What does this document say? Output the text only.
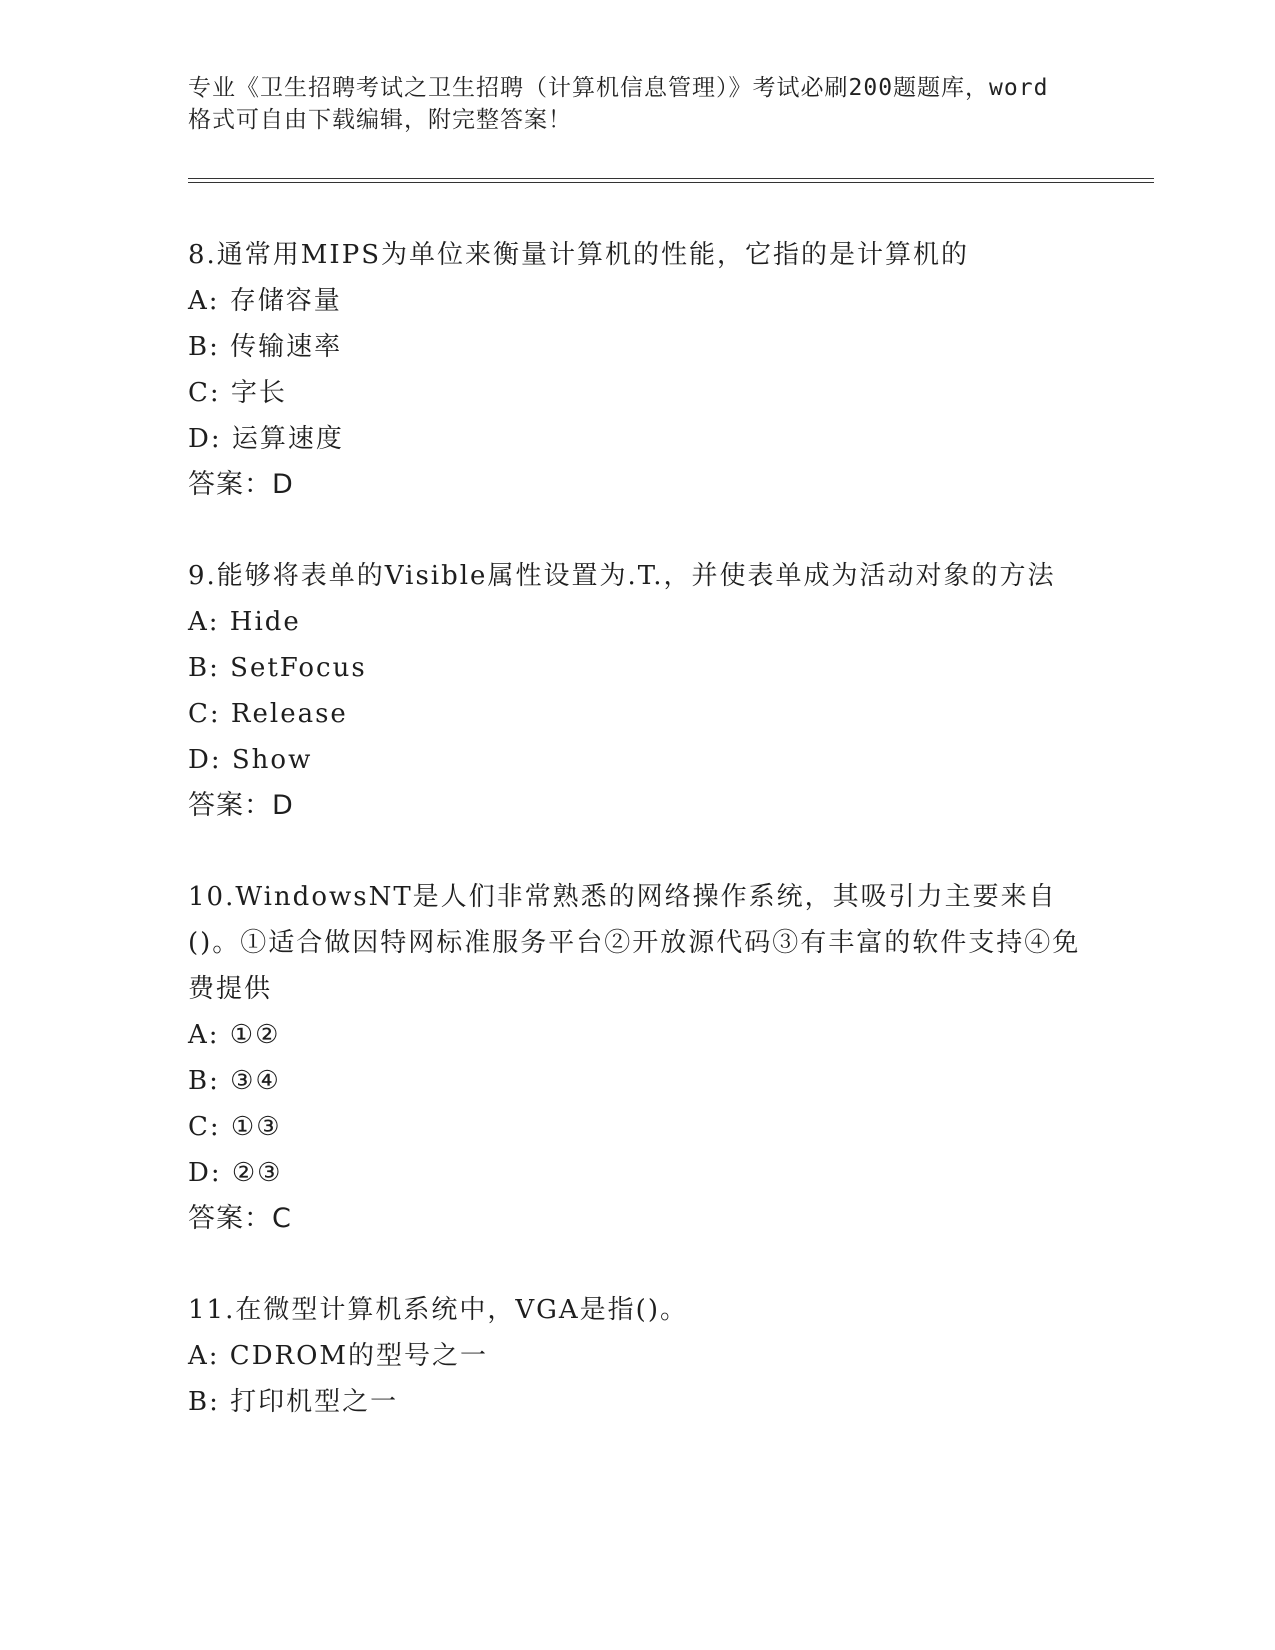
专业《卫生招聘考试之卫生招聘（计算机信息管理）》考试必刷200题题库，word
格式可自由下载编辑，附完整答案！

8.通常用MIPS为单位来衡量计算机的性能，它指的是计算机的

A: 存储容量

B: 传输速率

C: 字长

D: 运算速度

答案：D

9.能够将表单的Visible属性设置为.T.，并使表单成为活动对象的方法

A: Hide

B: SetFocus

C: Release

D: Show

答案：D

10.WindowsNT是人们非常熟悉的网络操作系统，其吸引力主要来自()。①适合做因特网标准服务平台②开放源代码③有丰富的软件支持④免费提供

A: ①②

B: ③④

C: ①③

D: ②③

答案：C

11.在微型计算机系统中，VGA是指()。

A: CDROM的型号之一

B: 打印机型之一
